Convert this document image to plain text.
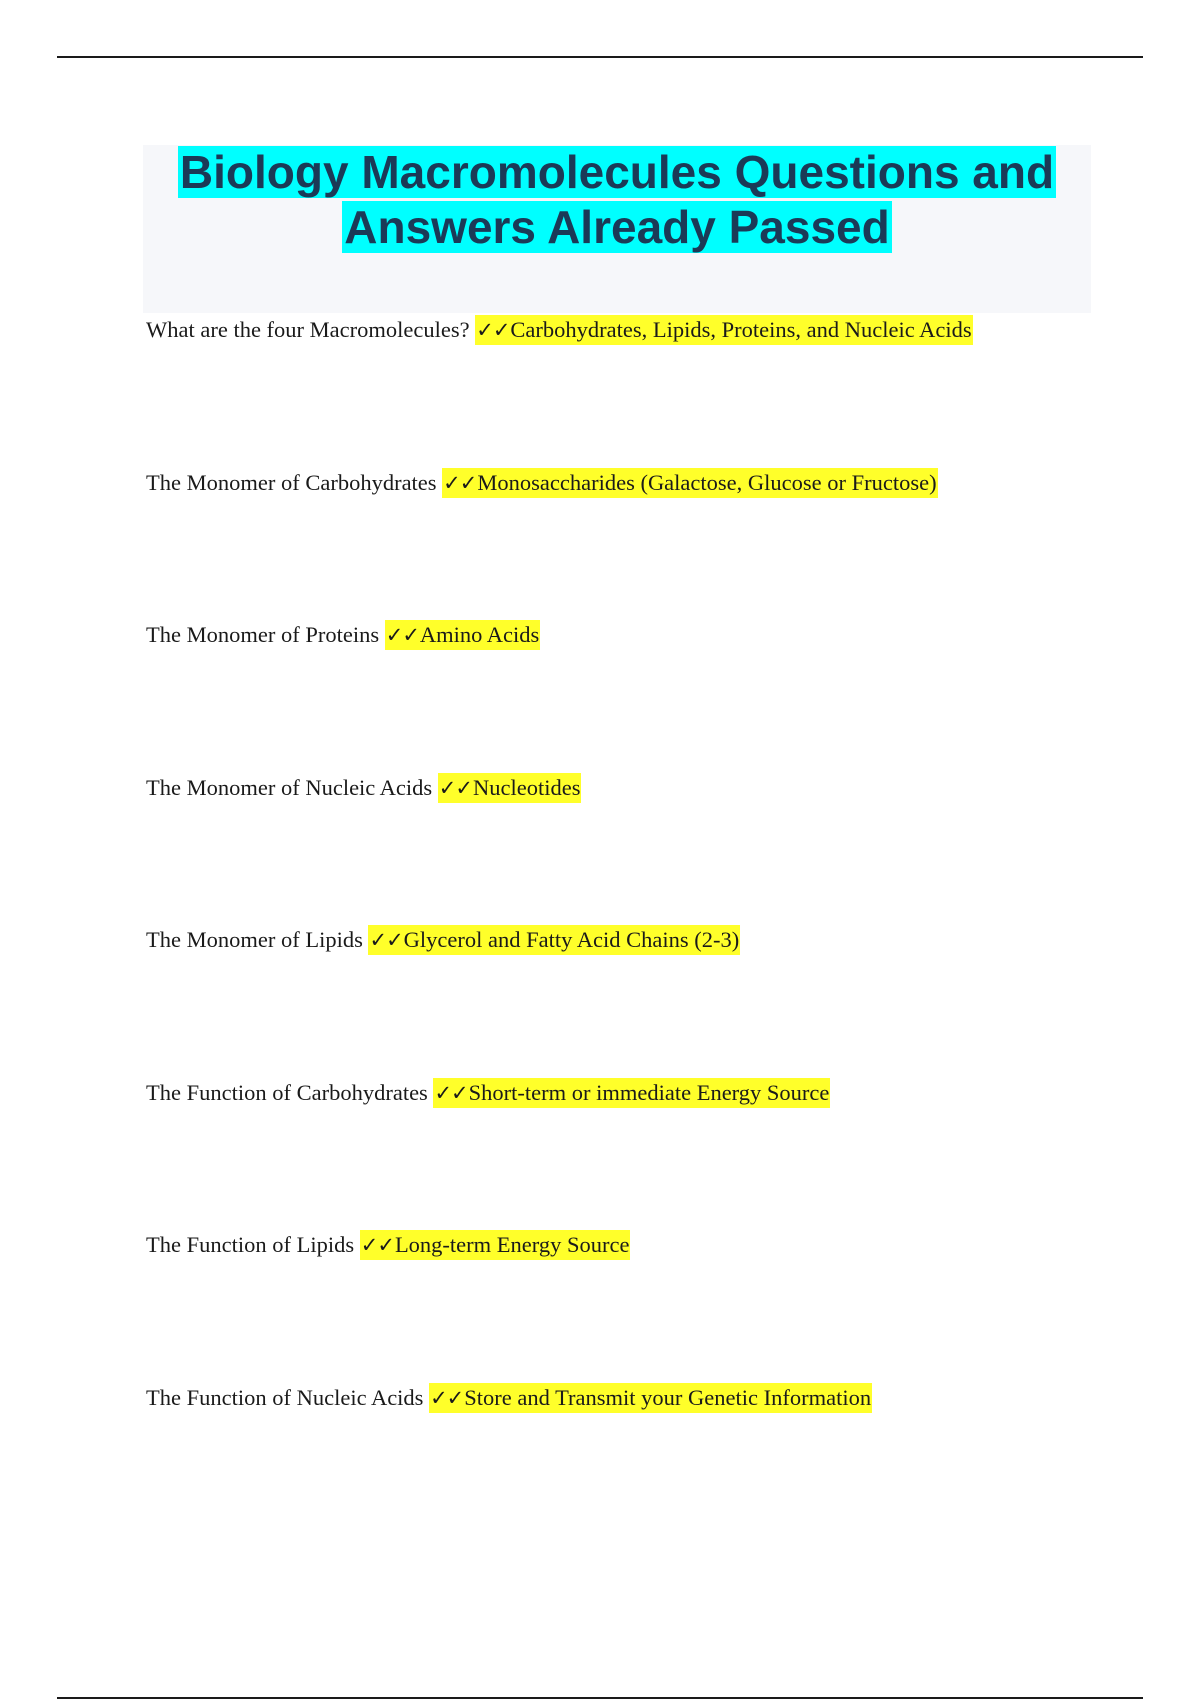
Biology Macromolecules Questions and Answers Already Passed
What are the four Macromolecules? ✓✓Carbohydrates, Lipids, Proteins, and Nucleic Acids
The Monomer of Carbohydrates ✓✓Monosaccharides (Galactose, Glucose or Fructose)
The Monomer of Proteins ✓✓Amino Acids
The Monomer of Nucleic Acids ✓✓Nucleotides
The Monomer of Lipids ✓✓Glycerol and Fatty Acid Chains (2-3)
The Function of Carbohydrates ✓✓Short-term or immediate Energy Source
The Function of Lipids ✓✓Long-term Energy Source
The Function of Nucleic Acids ✓✓Store and Transmit your Genetic Information
